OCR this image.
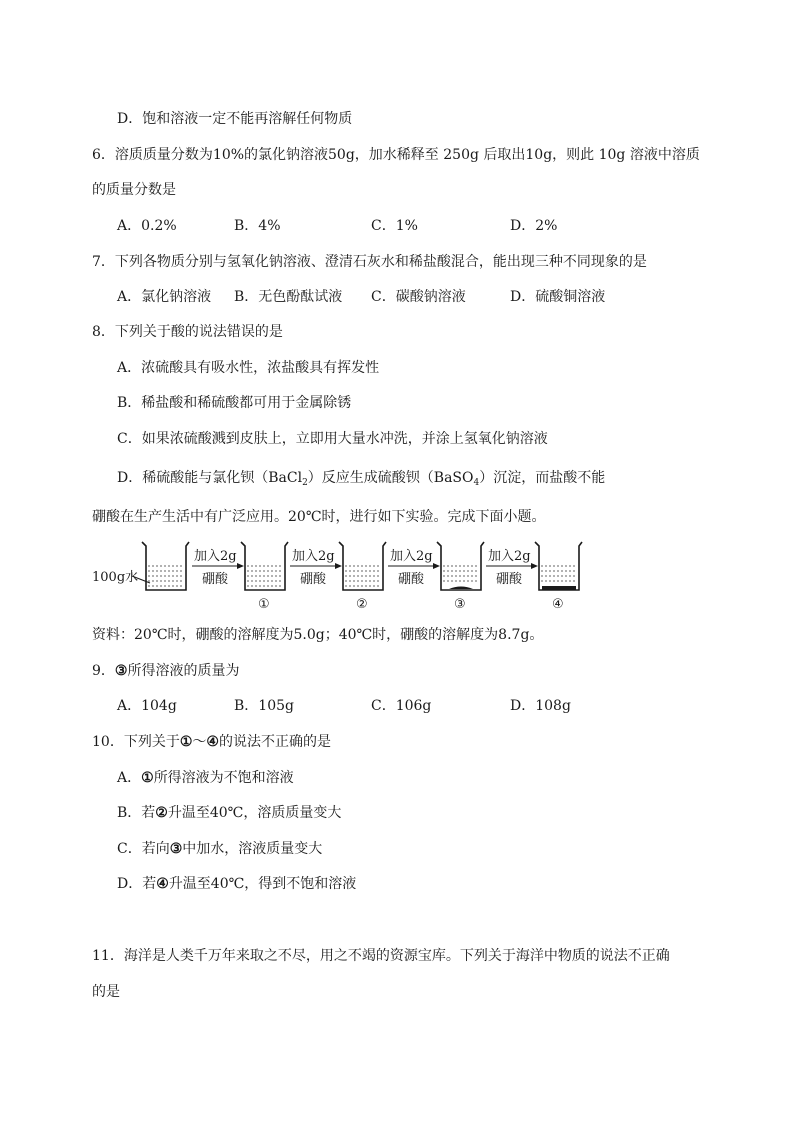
D．饱和溶液一定不能再溶解任何物质
6．溶质质量分数为10%的氯化钠溶液50g，加水稀释至 250g 后取出10g，则此 10g 溶液中溶质
的质量分数是
A．0.2%	B．4%	C．1%	D．2%
7．下列各物质分别与氢氧化钠溶液、澄清石灰水和稀盐酸混合，能出现三种不同现象的是
A．氯化钠溶液 B．无色酚酞试液 C．碳酸钠溶液	D．硫酸铜溶液
8．下列关于酸的说法错误的是
A．浓硫酸具有吸水性，浓盐酸具有挥发性
B．稀盐酸和稀硫酸都可用于金属除锈
C．如果浓硫酸溅到皮肤上，立即用大量水冲洗，并涂上氢氧化钠溶液
D．稀硫酸能与氯化钡（BaCl$_2$）反应生成硫酸钡（BaSO$_4$）沉淀，而盐酸不能
硼酸在生产生活中有广泛应用。20℃时，进行如下实验。完成下面小题。
100g水
加入2g
硼酸
①
加入2g
硼酸
②
加入2g
硼酸
③
加入2g
硼酸
④
资料：20℃时，硼酸的溶解度为5.0g；40℃时，硼酸的溶解度为8.7g。
9．③所得溶液的质量为
A．104g	B．105g	C．106g	D．108g
10．下列关于①～④的说法不正确的是
A．①所得溶液为不饱和溶液
B．若②升温至40℃，溶质质量变大
C．若向③中加水，溶液质量变大
D．若④升温至40℃，得到不饱和溶液
11．海洋是人类千万年来取之不尽，用之不竭的资源宝库。下列关于海洋中物质的说法不正确
的是
